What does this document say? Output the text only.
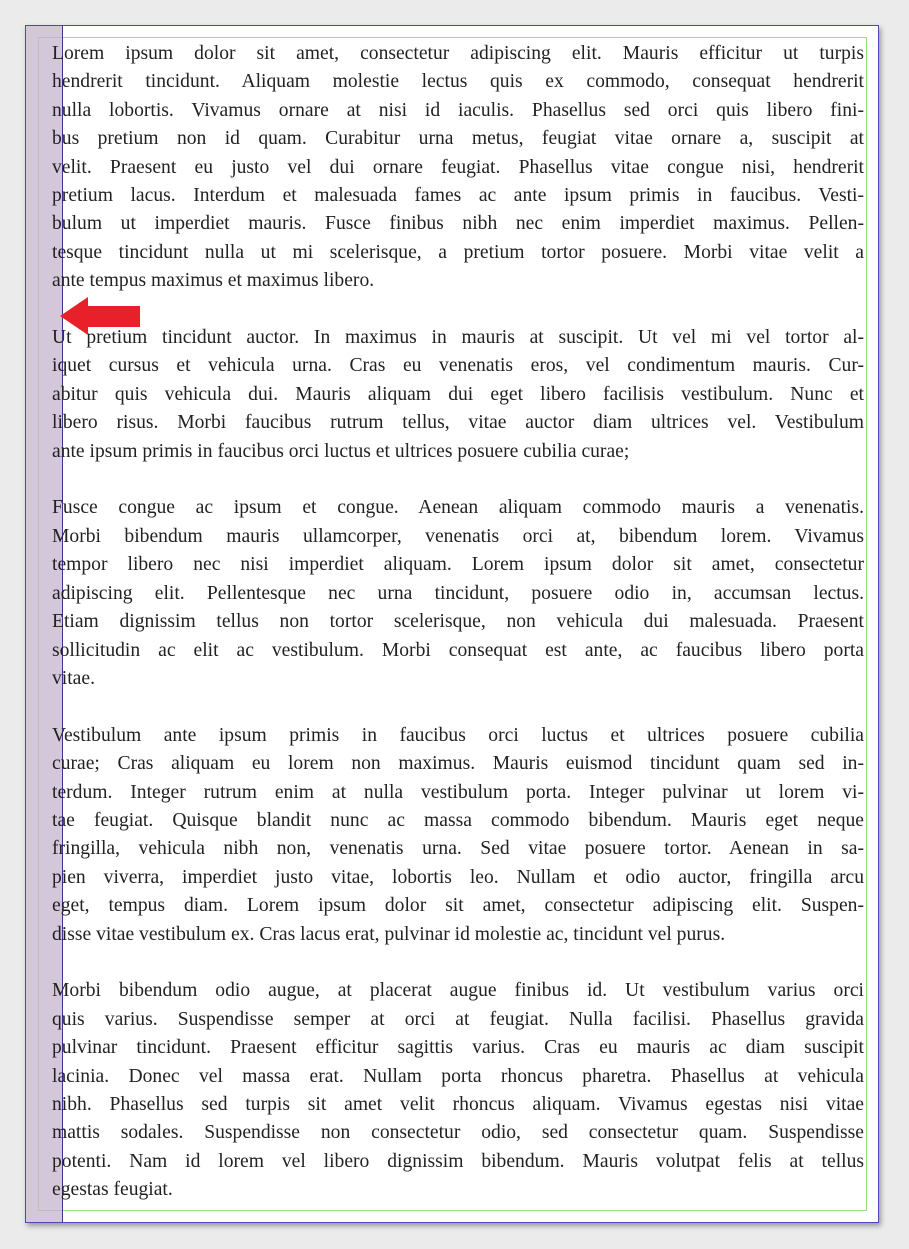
Lorem ipsum dolor sit amet, consectetur adipiscing elit. Mauris efficitur ut turpis
hendrerit tincidunt. Aliquam molestie lectus quis ex commodo, consequat hendrerit
nulla lobortis. Vivamus ornare at nisi id iaculis. Phasellus sed orci quis libero fini-
bus pretium non id quam. Curabitur urna metus, feugiat vitae ornare a, suscipit at
velit. Praesent eu justo vel dui ornare feugiat. Phasellus vitae congue nisi, hendrerit
pretium lacus. Interdum et malesuada fames ac ante ipsum primis in faucibus. Vesti-
bulum ut imperdiet mauris. Fusce finibus nibh nec enim imperdiet maximus. Pellen-
tesque tincidunt nulla ut mi scelerisque, a pretium tortor posuere. Morbi vitae velit a
ante tempus maximus et maximus libero.

Ut pretium tincidunt auctor. In maximus in mauris at suscipit. Ut vel mi vel tortor al-
iquet cursus et vehicula urna. Cras eu venenatis eros, vel condimentum mauris. Cur-
abitur quis vehicula dui. Mauris aliquam dui eget libero facilisis vestibulum. Nunc et
libero risus. Morbi faucibus rutrum tellus, vitae auctor diam ultrices vel. Vestibulum
ante ipsum primis in faucibus orci luctus et ultrices posuere cubilia curae;

Fusce congue ac ipsum et congue. Aenean aliquam commodo mauris a venenatis.
Morbi bibendum mauris ullamcorper, venenatis orci at, bibendum lorem. Vivamus
tempor libero nec nisi imperdiet aliquam. Lorem ipsum dolor sit amet, consectetur
adipiscing elit. Pellentesque nec urna tincidunt, posuere odio in, accumsan lectus.
Etiam dignissim tellus non tortor scelerisque, non vehicula dui malesuada. Praesent
sollicitudin ac elit ac vestibulum. Morbi consequat est ante, ac faucibus libero porta
vitae.

Vestibulum ante ipsum primis in faucibus orci luctus et ultrices posuere cubilia
curae; Cras aliquam eu lorem non maximus. Mauris euismod tincidunt quam sed in-
terdum. Integer rutrum enim at nulla vestibulum porta. Integer pulvinar ut lorem vi-
tae feugiat. Quisque blandit nunc ac massa commodo bibendum. Mauris eget neque
fringilla, vehicula nibh non, venenatis urna. Sed vitae posuere tortor. Aenean in sa-
pien viverra, imperdiet justo vitae, lobortis leo. Nullam et odio auctor, fringilla arcu
eget, tempus diam. Lorem ipsum dolor sit amet, consectetur adipiscing elit. Suspen-
disse vitae vestibulum ex. Cras lacus erat, pulvinar id molestie ac, tincidunt vel purus.

Morbi bibendum odio augue, at placerat augue finibus id. Ut vestibulum varius orci
quis varius. Suspendisse semper at orci at feugiat. Nulla facilisi. Phasellus gravida
pulvinar tincidunt. Praesent efficitur sagittis varius. Cras eu mauris ac diam suscipit
lacinia. Donec vel massa erat. Nullam porta rhoncus pharetra. Phasellus at vehicula
nibh. Phasellus sed turpis sit amet velit rhoncus aliquam. Vivamus egestas nisi vitae
mattis sodales. Suspendisse non consectetur odio, sed consectetur quam. Suspendisse
potenti. Nam id lorem vel libero dignissim bibendum. Mauris volutpat felis at tellus
egestas feugiat.
